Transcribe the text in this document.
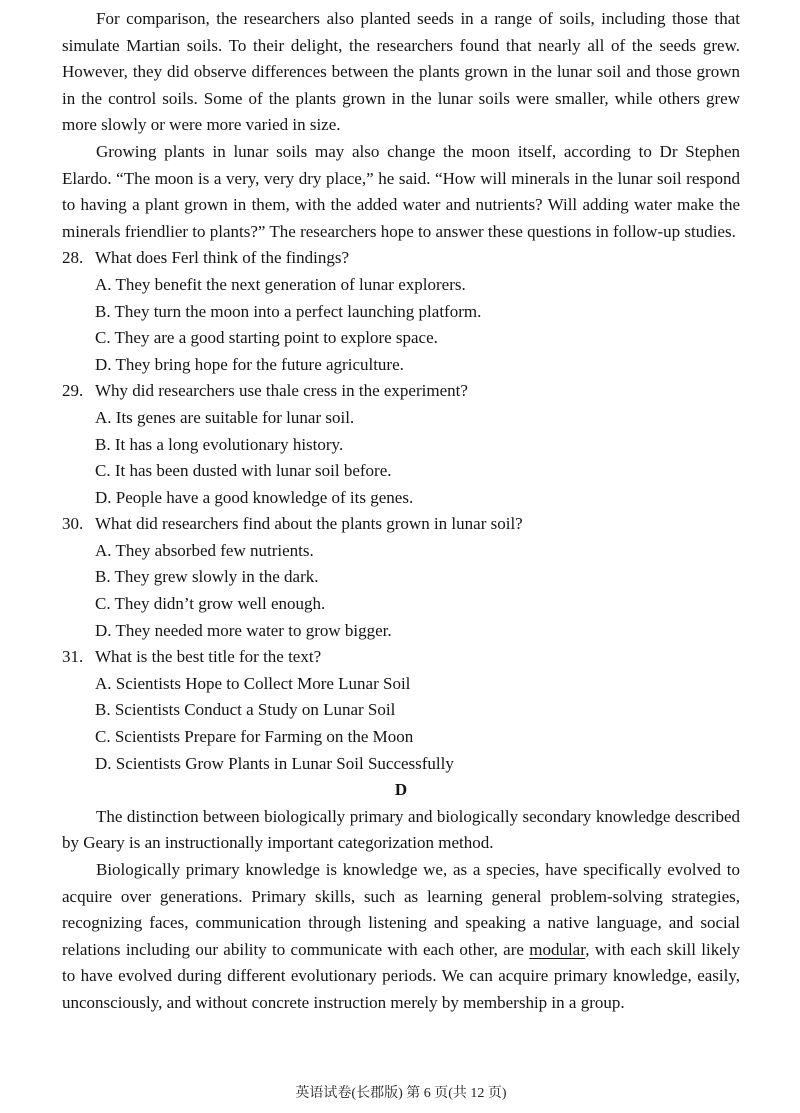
For comparison, the researchers also planted seeds in a range of soils, including those that simulate Martian soils. To their delight, the researchers found that nearly all of the seeds grew. However, they did observe differences between the plants grown in the lunar soil and those grown in the control soils. Some of the plants grown in the lunar soils were smaller, while others grew more slowly or were more varied in size.

Growing plants in lunar soils may also change the moon itself, according to Dr Stephen Elardo. “The moon is a very, very dry place,” he said. “How will minerals in the lunar soil respond to having a plant grown in them, with the added water and nutrients? Will adding water make the minerals friendlier to plants?” The researchers hope to answer these questions in follow-up studies.

28. What does Ferl think of the findings?
A. They benefit the next generation of lunar explorers.
B. They turn the moon into a perfect launching platform.
C. They are a good starting point to explore space.
D. They bring hope for the future agriculture.
29. Why did researchers use thale cress in the experiment?
A. Its genes are suitable for lunar soil.
B. It has a long evolutionary history.
C. It has been dusted with lunar soil before.
D. People have a good knowledge of its genes.
30. What did researchers find about the plants grown in lunar soil?
A. They absorbed few nutrients.
B. They grew slowly in the dark.
C. They didn’t grow well enough.
D. They needed more water to grow bigger.
31. What is the best title for the text?
A. Scientists Hope to Collect More Lunar Soil
B. Scientists Conduct a Study on Lunar Soil
C. Scientists Prepare for Farming on the Moon
D. Scientists Grow Plants in Lunar Soil Successfully
D

The distinction between biologically primary and biologically secondary knowledge described by Geary is an instructionally important categorization method.

Biologically primary knowledge is knowledge we, as a species, have specifically evolved to acquire over generations. Primary skills, such as learning general problem-solving strategies, recognizing faces, communication through listening and speaking a native language, and social relations including our ability to communicate with each other, are modular, with each skill likely to have evolved during different evolutionary periods. We can acquire primary knowledge, easily, unconsciously, and without concrete instruction merely by membership in a group.

英语试卷(长郡版) 第 6 页(共 12 页)
